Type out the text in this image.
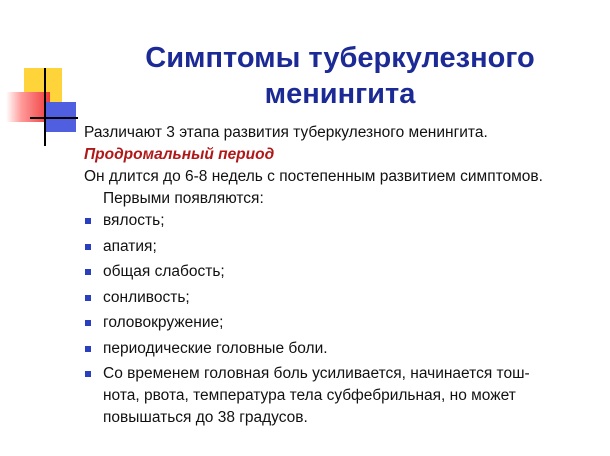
Симптомы туберкулезного
менингита

Различают 3 этапа развития туберкулезного менингита.

Продромальный период

Он длится до 6-8 недель с постепенным развитием симптомов.
Первыми появляются:

вялость;
апатия;
общая слабость;
сонливость;
головокружение;
периодические головные боли.
Со временем головная боль усиливается, начинается тош-
нота, рвота, температура тела субфебрильная, но может
повышаться до 38 градусов.
